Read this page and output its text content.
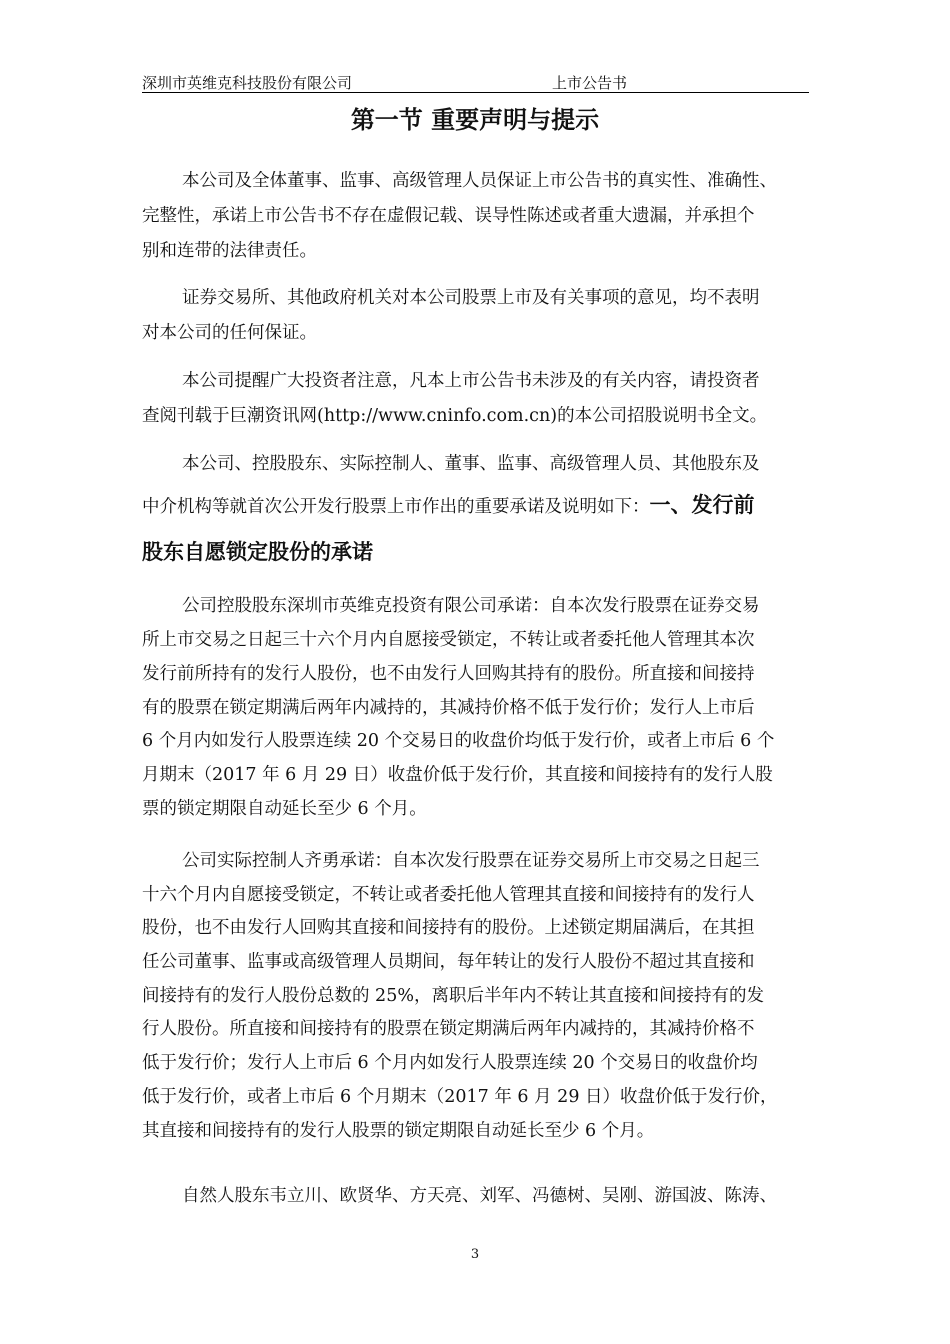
深圳市英维克科技股份有限公司	上市公告书
第一节 重要声明与提示
本公司及全体董事、监事、高级管理人员保证上市公告书的真实性、准确性、
完整性，承诺上市公告书不存在虚假记载、误导性陈述或者重大遗漏，并承担个
别和连带的法律责任。
证券交易所、其他政府机关对本公司股票上市及有关事项的意见，均不表明
对本公司的任何保证。
本公司提醒广大投资者注意，凡本上市公告书未涉及的有关内容，请投资者
查阅刊载于巨潮资讯网(http://www.cninfo.com.cn)的本公司招股说明书全文。
本公司、控股股东、实际控制人、董事、监事、高级管理人员、其他股东及
中介机构等就首次公开发行股票上市作出的重要承诺及说明如下：一、发行前
股东自愿锁定股份的承诺
公司控股股东深圳市英维克投资有限公司承诺：自本次发行股票在证券交易
所上市交易之日起三十六个月内自愿接受锁定，不转让或者委托他人管理其本次
发行前所持有的发行人股份，也不由发行人回购其持有的股份。所直接和间接持
有的股票在锁定期满后两年内减持的，其减持价格不低于发行价；发行人上市后
6 个月内如发行人股票连续 20 个交易日的收盘价均低于发行价，或者上市后 6 个
月期末（2017 年 6 月 29 日）收盘价低于发行价，其直接和间接持有的发行人股
票的锁定期限自动延长至少 6 个月。
公司实际控制人齐勇承诺：自本次发行股票在证券交易所上市交易之日起三
十六个月内自愿接受锁定，不转让或者委托他人管理其直接和间接持有的发行人
股份，也不由发行人回购其直接和间接持有的股份。上述锁定期届满后，在其担
任公司董事、监事或高级管理人员期间，每年转让的发行人股份不超过其直接和
间接持有的发行人股份总数的 25%，离职后半年内不转让其直接和间接持有的发
行人股份。所直接和间接持有的股票在锁定期满后两年内减持的，其减持价格不
低于发行价；发行人上市后 6 个月内如发行人股票连续 20 个交易日的收盘价均
低于发行价，或者上市后 6 个月期末（2017 年 6 月 29 日）收盘价低于发行价，
其直接和间接持有的发行人股票的锁定期限自动延长至少 6 个月。
自然人股东韦立川、欧贤华、方天亮、刘军、冯德树、吴刚、游国波、陈涛、
3
